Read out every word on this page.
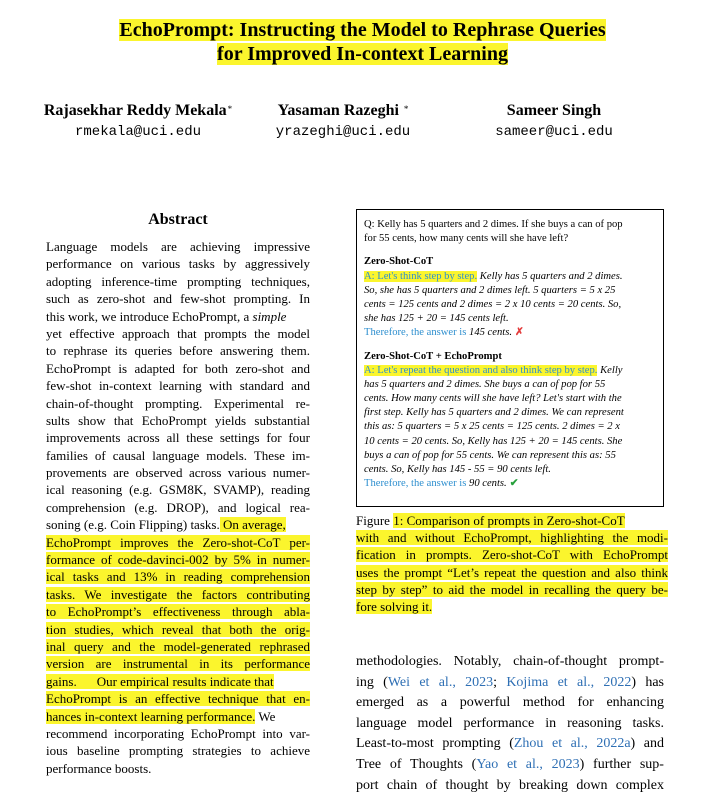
EchoPrompt: Instructing the Model to Rephrase Queries
for Improved In-context Learning
Rajasekhar Reddy Mekala*
rmekala@uci.edu
Yasaman Razeghi *
yrazeghi@uci.edu
Sameer Singh
sameer@uci.edu
Abstract
Language models are achieving impressive
performance on various tasks by aggressively
adopting inference-time prompting techniques,
such as zero-shot and few-shot prompting. In
this work, we introduce EchoPrompt, a simple
yet effective approach that prompts the model
to rephrase its queries before answering them.
EchoPrompt is adapted for both zero-shot and
few-shot in-context learning with standard and
chain-of-thought prompting. Experimental re-
sults show that EchoPrompt yields substantial
improvements across all these settings for four
families of causal language models. These im-
provements are observed across various numer-
ical reasoning (e.g. GSM8K, SVAMP), reading
comprehension (e.g. DROP), and logical rea-
soning (e.g. Coin Flipping) tasks. On average,
EchoPrompt improves the Zero-shot-CoT per-
formance of code-davinci-002 by 5% in numer-
ical tasks and 13% in reading comprehension
tasks. We investigate the factors contributing
to EchoPrompt’s effectiveness through abla-
tion studies, which reveal that both the orig-
inal query and the model-generated rephrased
version are instrumental in its performance
gains. Our empirical results indicate that
EchoPrompt is an effective technique that en-
hances in-context learning performance. We
recommend incorporating EchoPrompt into var-
ious baseline prompting strategies to achieve
performance boosts.
Q: Kelly has 5 quarters and 2 dimes. If she buys a can of pop
for 55 cents, how many cents will she have left?
Zero-Shot-CoT
A: Let's think step by step. Kelly has 5 quarters and 2 dimes.
So, she has 5 quarters and 2 dimes left. 5 quarters = 5 x 25
cents = 125 cents and 2 dimes = 2 x 10 cents = 20 cents. So,
she has 125 + 20 = 145 cents left.
Therefore, the answer is 145 cents. ✗
Zero-Shot-CoT + EchoPrompt
A: Let's repeat the question and also think step by step. Kelly
has 5 quarters and 2 dimes. She buys a can of pop for 55
cents. How many cents will she have left? Let's start with the
first step. Kelly has 5 quarters and 2 dimes. We can represent
this as: 5 quarters = 5 x 25 cents = 125 cents. 2 dimes = 2 x
10 cents = 20 cents. So, Kelly has 125 + 20 = 145 cents. She
buys a can of pop for 55 cents. We can represent this as: 55
cents. So, Kelly has 145 - 55 = 90 cents left.
Therefore, the answer is 90 cents. ✔
Figure 1: Comparison of prompts in Zero-shot-CoT
with and without EchoPrompt, highlighting the modi-
fication in prompts. Zero-shot-CoT with EchoPrompt
uses the prompt “Let’s repeat the question and also think
step by step” to aid the model in recalling the query be-
fore solving it.
methodologies. Notably, chain-of-thought prompt-
ing (Wei et al., 2023; Kojima et al., 2022) has
emerged as a powerful method for enhancing
language model performance in reasoning tasks.
Least-to-most prompting (Zhou et al., 2022a) and
Tree of Thoughts (Yao et al., 2023) further sup-
port chain of thought by breaking down complex
